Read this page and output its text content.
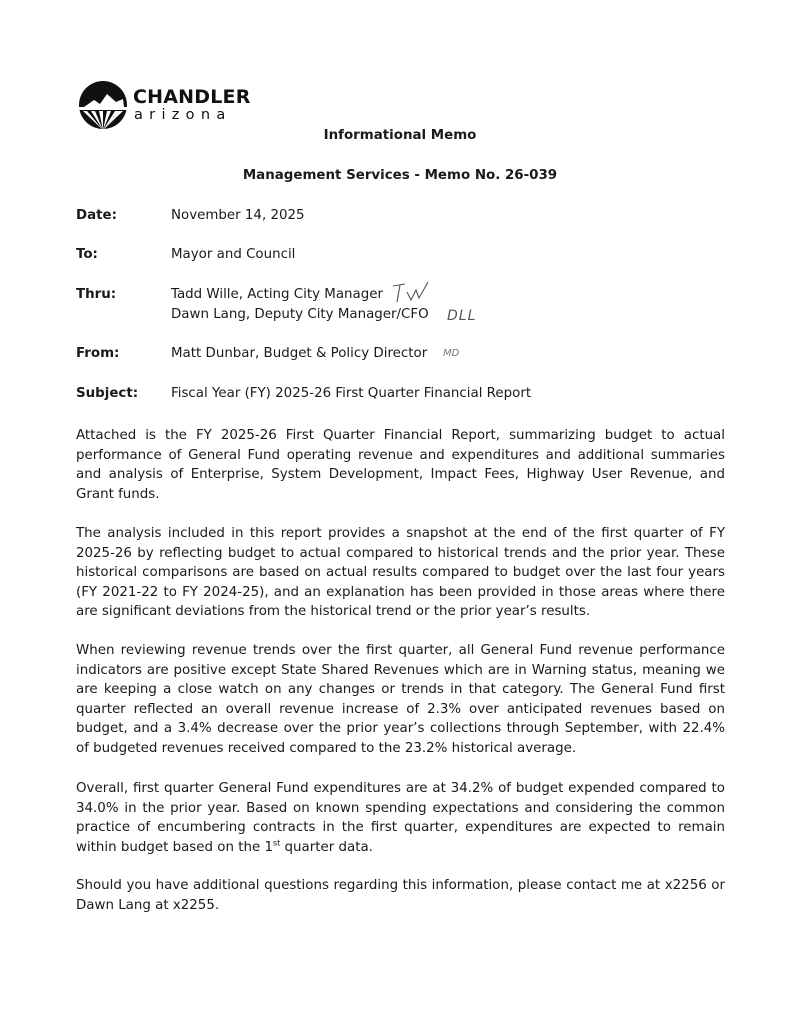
CHANDLER
arizona
Informational Memo
Management Services - Memo No. 26-039
Date:	November 14, 2025
To:	Mayor and Council
Thru:	Tadd Wille, Acting City Manager
Dawn Lang, Deputy City Manager/CFO DLL
From:	Matt Dunbar, Budget & Policy Director MD
Subject: Fiscal Year (FY) 2025-26 First Quarter Financial Report
Attached is the FY 2025-26 First Quarter Financial Report, summarizing budget to actual performance of General Fund operating revenue and expenditures and additional summaries and analysis of Enterprise, System Development, Impact Fees, Highway User Revenue, and Grant funds.
The analysis included in this report provides a snapshot at the end of the first quarter of FY 2025-26 by reflecting budget to actual compared to historical trends and the prior year. These historical comparisons are based on actual results compared to budget over the last four years (FY 2021-22 to FY 2024-25), and an explanation has been provided in those areas where there are significant deviations from the historical trend or the prior year’s results.
When reviewing revenue trends over the first quarter, all General Fund revenue performance indicators are positive except State Shared Revenues which are in Warning status, meaning we are keeping a close watch on any changes or trends in that category. The General Fund first quarter reflected an overall revenue increase of 2.3% over anticipated revenues based on budget, and a 3.4% decrease over the prior year’s collections through September, with 22.4% of budgeted revenues received compared to the 23.2% historical average.
Overall, first quarter General Fund expenditures are at 34.2% of budget expended compared to 34.0% in the prior year. Based on known spending expectations and considering the common practice of encumbering contracts in the first quarter, expenditures are expected to remain within budget based on the 1st quarter data.
Should you have additional questions regarding this information, please contact me at x2256 or Dawn Lang at x2255.
